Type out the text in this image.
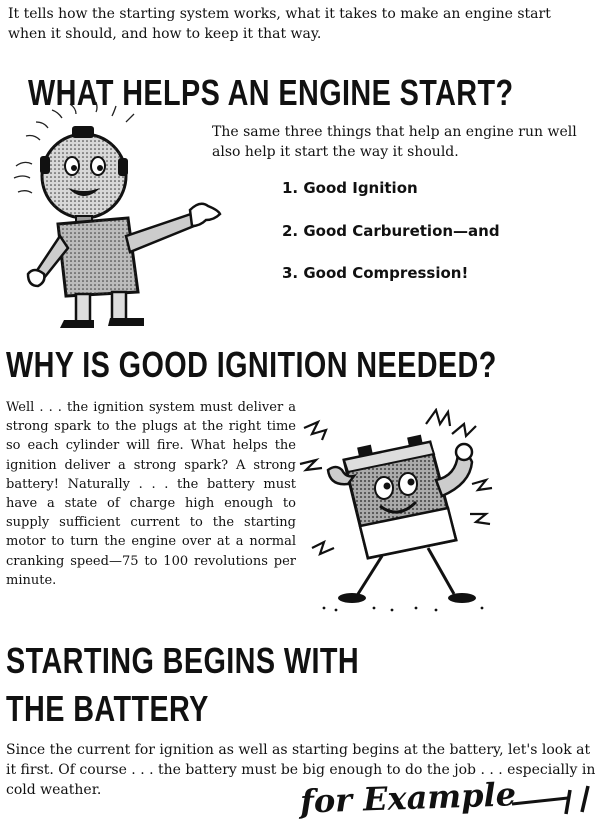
It tells how the starting system works, what it takes to make an engine start when it should, and how to keep it that way.

WHAT HELPS AN ENGINE START?

The same three things that help an engine run well also help it start the way it should.

1. Good Ignition
2. Good Carburetion—and
3. Good Compression!
WHY IS GOOD IGNITION NEEDED?

Well . . . the ignition system must deliver a strong spark to the plugs at the right time so each cylinder will fire. What helps the ignition deliver a strong spark? A strong battery! Naturally . . . the battery must have a state of charge high enough to supply sufficient current to the starting motor to turn the engine over at a normal cranking speed—75 to 100 revolutions per minute.

STARTING BEGINS WITH
THE BATTERY

Since the current for ignition as well as starting begins at the battery, let's look at it first. Of course . . . the battery must be big enough to do the job . . . especially in cold weather.	for Example
